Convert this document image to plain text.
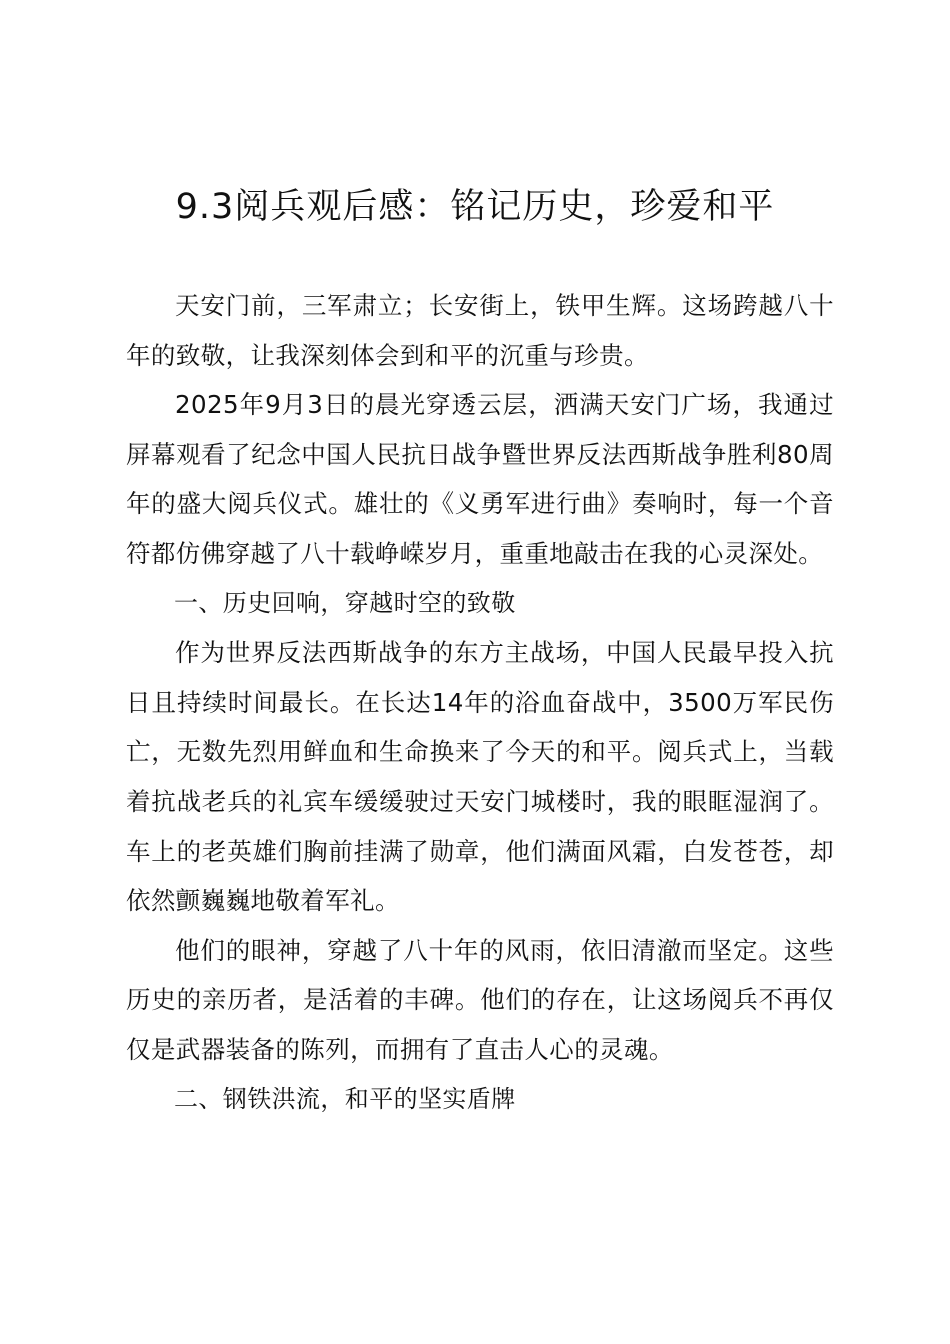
9.3阅兵观后感：铭记历史，珍爱和平

天安门前，三军肃立；长安街上，铁甲生辉。这场跨越八十年的致敬，让我深刻体会到和平的沉重与珍贵。

2025年9月3日的晨光穿透云层，洒满天安门广场，我通过屏幕观看了纪念中国人民抗日战争暨世界反法西斯战争胜利80周年的盛大阅兵仪式。雄壮的《义勇军进行曲》奏响时，每一个音符都仿佛穿越了八十载峥嵘岁月，重重地敲击在我的心灵深处。

一、历史回响，穿越时空的致敬

作为世界反法西斯战争的东方主战场，中国人民最早投入抗日且持续时间最长。在长达14年的浴血奋战中，3500万军民伤亡，无数先烈用鲜血和生命换来了今天的和平。阅兵式上，当载着抗战老兵的礼宾车缓缓驶过天安门城楼时，我的眼眶湿润了。车上的老英雄们胸前挂满了勋章，他们满面风霜，白发苍苍，却依然颤巍巍地敬着军礼。

他们的眼神，穿越了八十年的风雨，依旧清澈而坚定。这些历史的亲历者，是活着的丰碑。他们的存在，让这场阅兵不再仅仅是武器装备的陈列，而拥有了直击人心的灵魂。

二、钢铁洪流，和平的坚实盾牌
